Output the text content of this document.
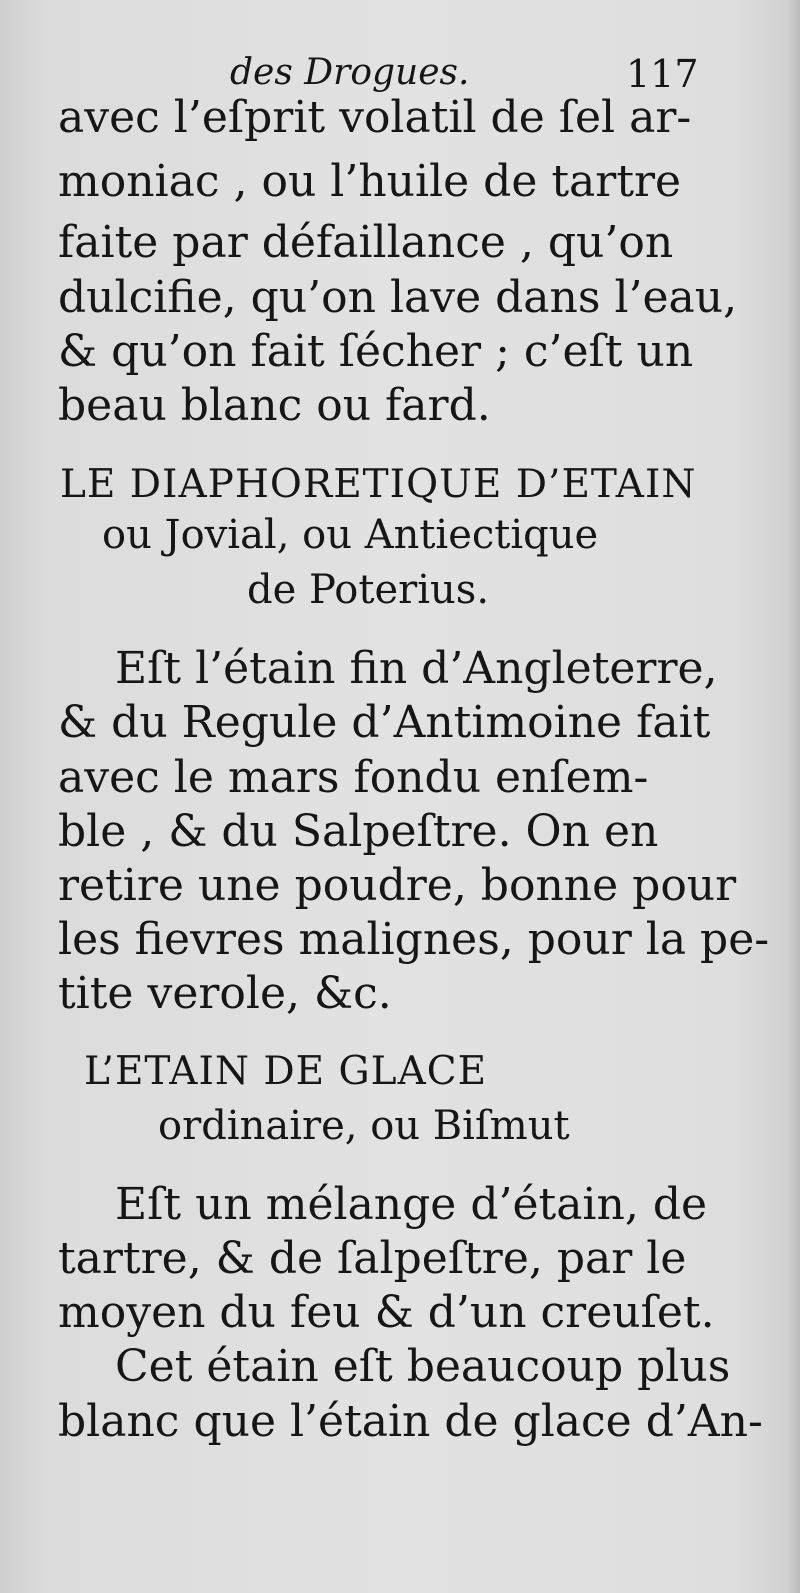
des Drogues.	117
avec l’eſprit volatil de ſel ar-
moniac , ou l’huile de tartre
faite par défaillance , qu’on
dulcifie, qu’on lave dans l’eau,
& qu’on fait ſécher ; c’eſt un
beau blanc ou fard.
LE DIAPHORETIQUE D’ETAIN
ou Jovial, ou Antiectique
de Poterius.
Eſt l’étain fin d’Angleterre,
& du Regule d’Antimoine fait
avec le mars fondu enſem-
ble , & du Salpeſtre. On en
retire une poudre, bonne pour
les fievres malignes, pour la pe-
tite verole, &c.
L’ETAIN DE GLACE
ordinaire, ou Biſmut
Eſt un mélange d’étain, de
tartre, & de ſalpeſtre, par le
moyen du feu & d’un creuſet.
Cet étain eſt beaucoup plus
blanc que l’étain de glace d’An-
